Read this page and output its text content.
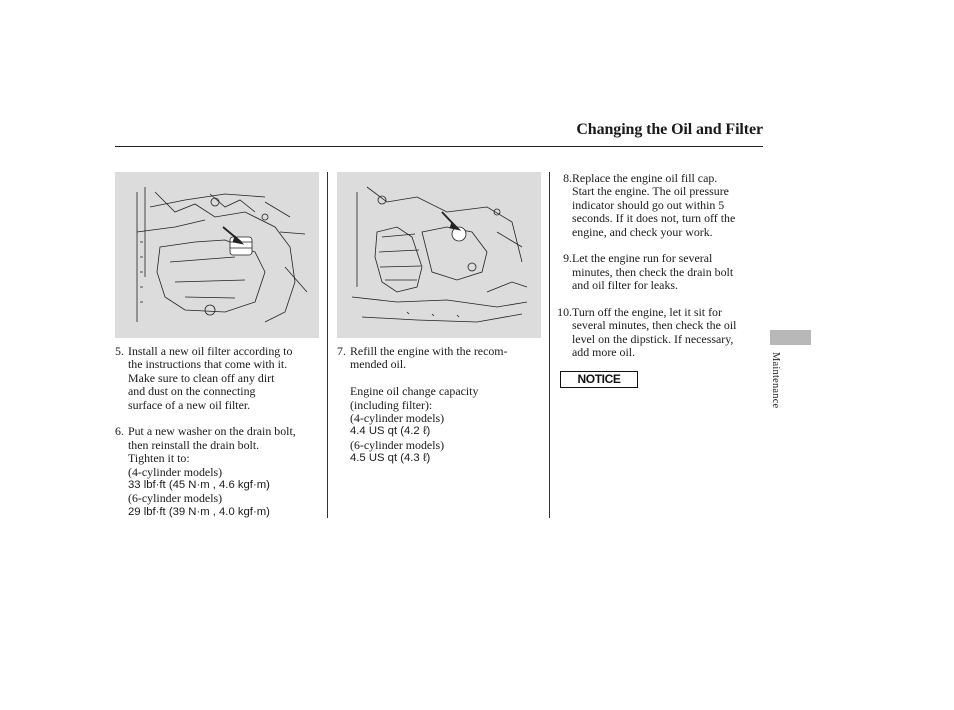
Changing the Oil and Filter
5. Install a new oil filter according to
the instructions that come with it.
Make sure to clean off any dirt
and dust on the connecting
surface of a new oil filter.
6. Put a new washer on the drain bolt,
then reinstall the drain bolt.
Tighten it to:
(4-cylinder models)
33 lbf·ft (45 N·m , 4.6 kgf·m)
(6-cylinder models)
29 lbf·ft (39 N·m , 4.0 kgf·m)
7. Refill the engine with the recom-
mended oil.
Engine oil change capacity
(including filter):
(4-cylinder models)
4.4 US qt (4.2 ℓ)
(6-cylinder models)
4.5 US qt (4.3 ℓ)
8. Replace the engine oil fill cap.
Start the engine. The oil pressure
indicator should go out within 5
seconds. If it does not, turn off the
engine, and check your work.
9. Let the engine run for several
minutes, then check the drain bolt
and oil filter for leaks.
10. Turn off the engine, let it sit for
several minutes, then check the oil
level on the dipstick. If necessary,
add more oil.
NOTICE	Maintenance
